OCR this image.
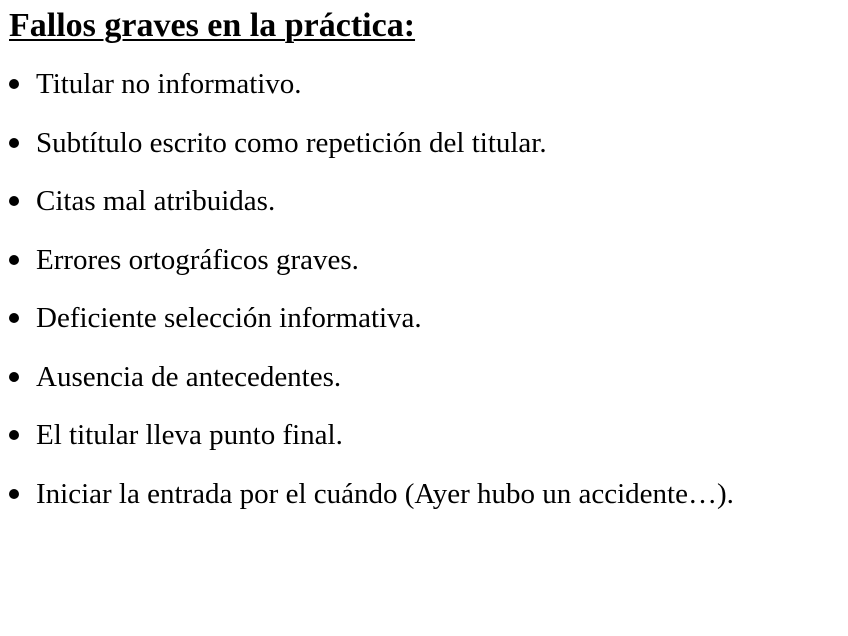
Fallos graves en la práctica:
Titular no informativo.
Subtítulo escrito como repetición del titular.
Citas mal atribuidas.
Errores ortográficos graves.
Deficiente selección informativa.
Ausencia de antecedentes.
El titular lleva punto final.
Iniciar la entrada por el cuándo (Ayer hubo un accidente…).
